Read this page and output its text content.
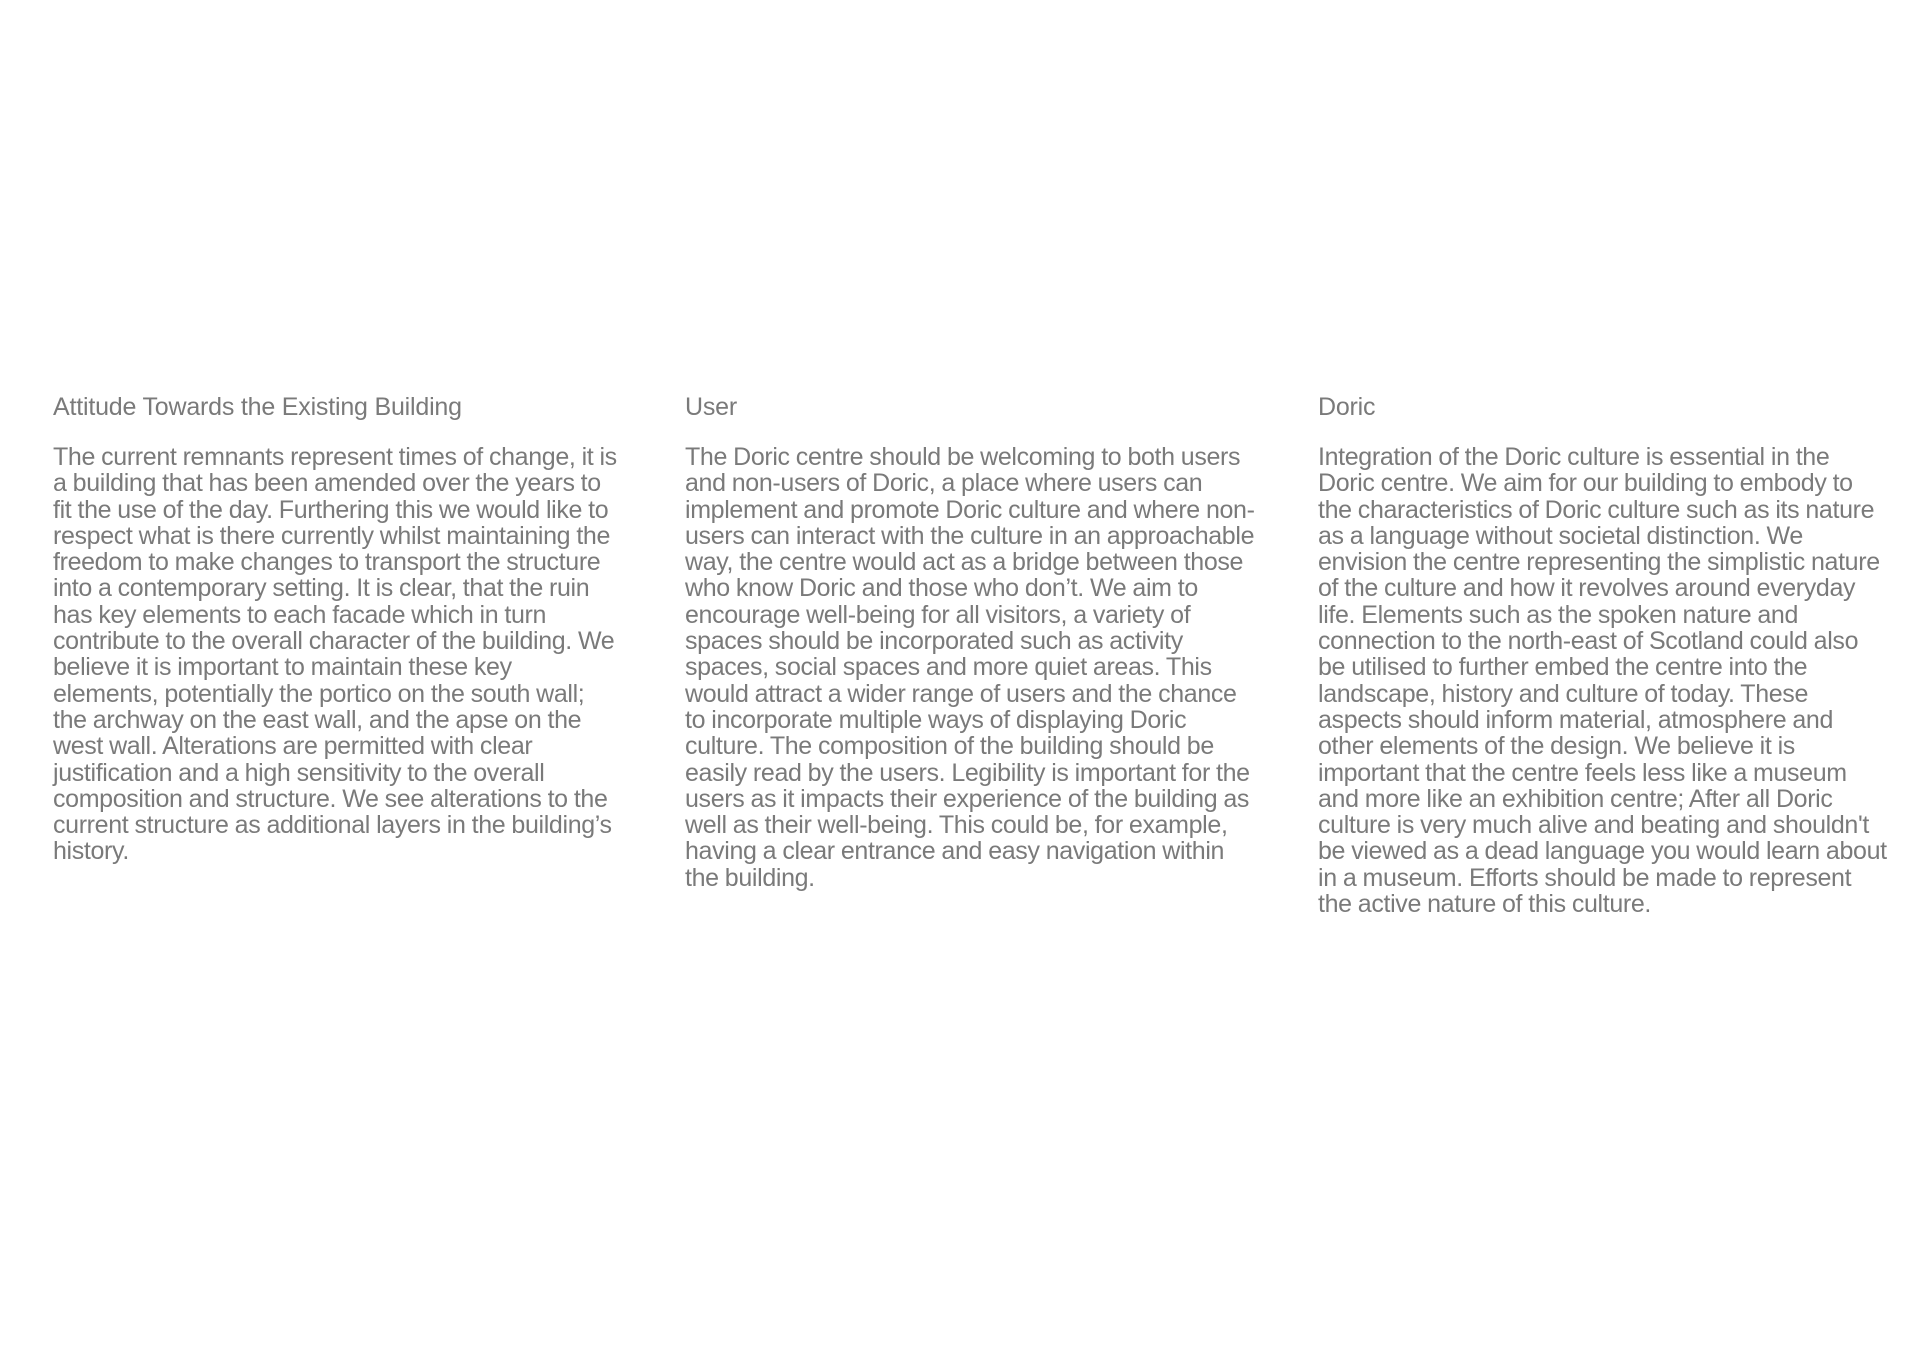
Attitude Towards the Existing Building

The current remnants represent times of change, it is a building that has been amended over the years to fit the use of the day. Furthering this we would like to respect what is there currently whilst maintaining the freedom to make changes to transport the structure into a contemporary setting. It is clear, that the ruin has key elements to each facade which in turn contribute to the overall character of the building. We believe it is important to maintain these key elements, potentially the portico on the south wall; the archway on the east wall, and the apse on the west wall. Alterations are permitted with clear justification and a high sensitivity to the overall composition and structure. We see alterations to the current structure as additional layers in the building’s history.

User

The Doric centre should be welcoming to both users and non-users of Doric, a place where users can implement and promote Doric culture and where non-users can interact with the culture in an approachable way, the centre would act as a bridge between those who know Doric and those who don’t. We aim to encourage well-being for all visitors, a variety of spaces should be incorporated such as activity spaces, social spaces and more quiet areas. This would attract a wider range of users and the chance to incorporate multiple ways of displaying Doric culture. The composition of the building should be easily read by the users. Legibility is important for the users as it impacts their experience of the building as well as their well-being. This could be, for example, having a clear entrance and easy navigation within the building.

Doric

Integration of the Doric culture is essential in the Doric centre. We aim for our building to embody to the characteristics of Doric culture such as its nature as a language without societal distinction. We envision the centre representing the simplistic nature of the culture and how it revolves around everyday life. Elements such as the spoken nature and connection to the north-east of Scotland could also be utilised to further embed the centre into the landscape, history and culture of today. These aspects should inform material, atmosphere and other elements of the design. We believe it is important that the centre feels less like a museum and more like an exhibition centre; After all Doric culture is very much alive and beating and shouldn't be viewed as a dead language you would learn about in a museum. Efforts should be made to represent the active nature of this culture.
